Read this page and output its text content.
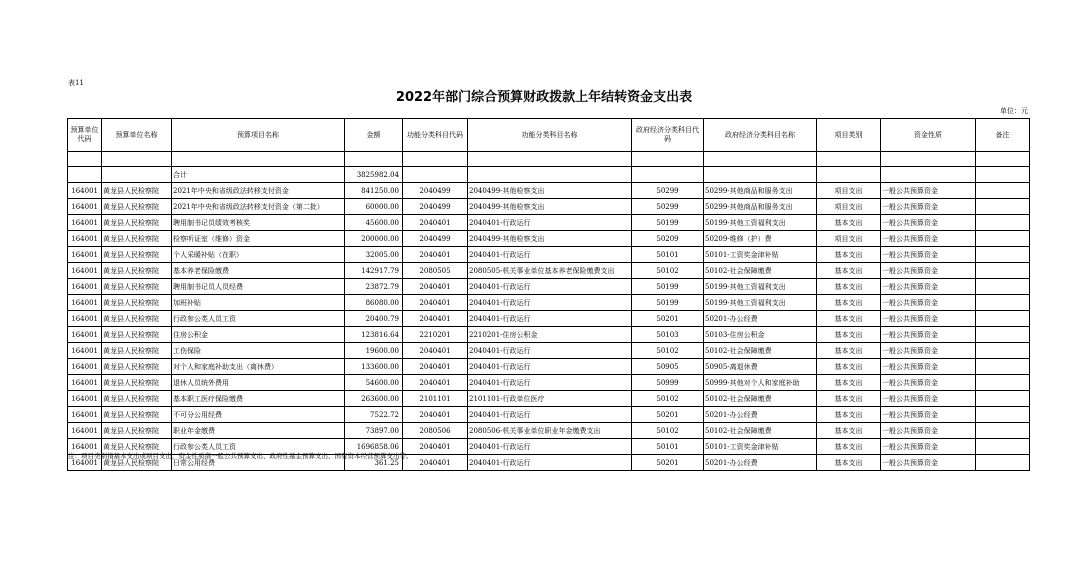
表11
2022年部门综合预算财政拨款上年结转资金支出表
单位：元
预算单位代码	预算单位名称	预算项目名称	金额	功能分类科目代码	功能分类科目名称	政府经济分类科目代码	政府经济分类科目名称	项目类别	资金性质	备注

		合计	3825982.04							
164001	黄龙县人民检察院	2021年中央和省级政法转移支付资金	841250.00	2040499	2040499-其他检察支出	50299	50299-其他商品和服务支出	项目支出	一般公共预算资金	
164001	黄龙县人民检察院	2021年中央和省级政法转移支付资金（第二批）	60000.00	2040499	2040499-其他检察支出	50299	50299-其他商品和服务支出	项目支出	一般公共预算资金	
164001	黄龙县人民检察院	聘用制书记员绩效考核奖	45600.00	2040401	2040401-行政运行	50199	50199-其他工资福利支出	基本支出	一般公共预算资金	
164001	黄龙县人民检察院	检察听证室（维修）资金	200000.00	2040499	2040499-其他检察支出	50209	50209-维修（护）费	项目支出	一般公共预算资金	
164001	黄龙县人民检察院	个人采暖补贴（在职）	32005.00	2040401	2040401-行政运行	50101	50101-工资奖金津补贴	基本支出	一般公共预算资金	
164001	黄龙县人民检察院	基本养老保险缴费	142917.79	2080505	2080505-机关事业单位基本养老保险缴费支出	50102	50102-社会保障缴费	基本支出	一般公共预算资金	
164001	黄龙县人民检察院	聘用制书记员人员经费	23872.79	2040401	2040401-行政运行	50199	50199-其他工资福利支出	基本支出	一般公共预算资金	
164001	黄龙县人民检察院	加班补贴	86080.00	2040401	2040401-行政运行	50199	50199-其他工资福利支出	基本支出	一般公共预算资金	
164001	黄龙县人民检察院	行政参公类人员工资	20400.79	2040401	2040401-行政运行	50201	50201-办公经费	基本支出	一般公共预算资金	
164001	黄龙县人民检察院	住房公积金	123816.64	2210201	2210201-住房公积金	50103	50103-住房公积金	基本支出	一般公共预算资金	
164001	黄龙县人民检察院	工伤保险	19600.00	2040401	2040401-行政运行	50102	50102-社会保障缴费	基本支出	一般公共预算资金	
164001	黄龙县人民检察院	对个人和家庭补助支出（离休费）	133600.00	2040401	2040401-行政运行	50905	50905-离退休费	基本支出	一般公共预算资金	
164001	黄龙县人民检察院	退休人员统外费用	54600.00	2040401	2040401-行政运行	50999	50999-其他对个人和家庭补助	基本支出	一般公共预算资金	
164001	黄龙县人民检察院	基本职工医疗保险缴费	263600.00	2101101	2101101-行政单位医疗	50102	50102-社会保障缴费	基本支出	一般公共预算资金	
164001	黄龙县人民检察院	不可分公用经费	7522.72	2040401	2040401-行政运行	50201	50201-办公经费	基本支出	一般公共预算资金	
164001	黄龙县人民检察院	职业年金缴费	73897.00	2080506	2080506-机关事业单位职业年金缴费支出	50102	50102-社会保障缴费	基本支出	一般公共预算资金	
164001	黄龙县人民检察院	行政参公类人员工资	1696858.06	2040401	2040401-行政运行	50101	50101-工资奖金津补贴	基本支出	一般公共预算资金	
164001	黄龙县人民检察院	日常公用经费	361.25	2040401	2040401-行政运行	50201	50201-办公经费	基本支出	一般公共预算资金	
注：项目类别指基本支出或项目支出，资金性质指一般公共预算支出、政府性基金预算支出、国有资本经营预算支出等。
